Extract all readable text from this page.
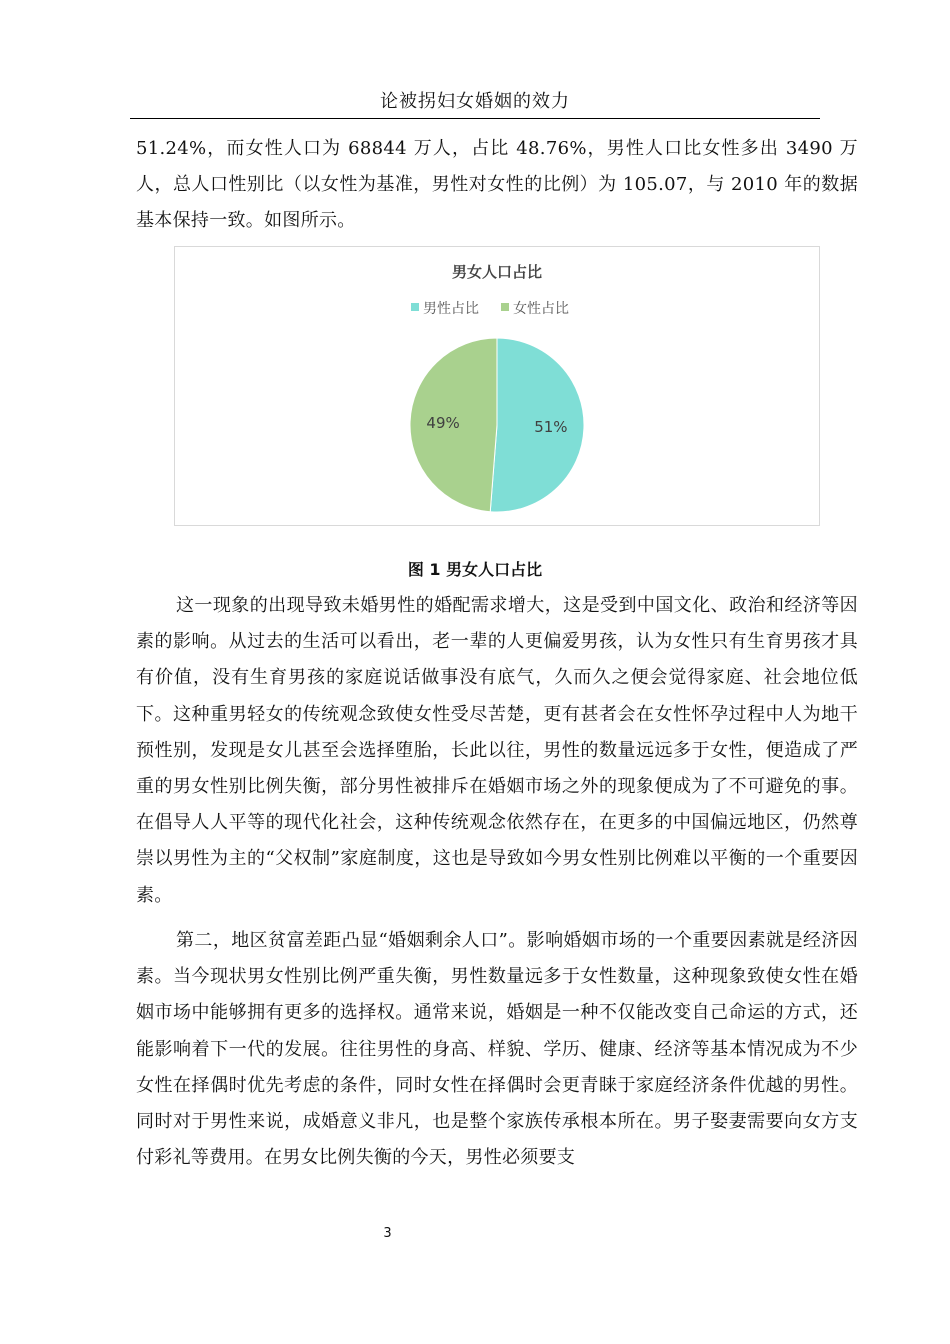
论被拐妇女婚姻的效力

51.24%，而女性人口为 68844 万人，占比 48.76%，男性人口比女性多出 3490 万人，总人口性别比（以女性为基准，男性对女性的比例）为 105.07，与 2010 年的数据基本保持一致。如图所示。

男女人口占比
男性占比 女性占比
51%
49%
图 1 男女人口占比

这一现象的出现导致未婚男性的婚配需求增大，这是受到中国文化、政治和经济等因素的影响。从过去的生活可以看出，老一辈的人更偏爱男孩，认为女性只有生育男孩才具有价值，没有生育男孩的家庭说话做事没有底气，久而久之便会觉得家庭、社会地位低下。这种重男轻女的传统观念致使女性受尽苦楚，更有甚者会在女性怀孕过程中人为地干预性别，发现是女儿甚至会选择堕胎，长此以往，男性的数量远远多于女性，便造成了严重的男女性别比例失衡，部分男性被排斥在婚姻市场之外的现象便成为了不可避免的事。在倡导人人平等的现代化社会，这种传统观念依然存在，在更多的中国偏远地区，仍然尊崇以男性为主的“父权制”家庭制度，这也是导致如今男女性别比例难以平衡的一个重要因素。

第二，地区贫富差距凸显“婚姻剩余人口”。影响婚姻市场的一个重要因素就是经济因素。当今现状男女性别比例严重失衡，男性数量远多于女性数量，这种现象致使女性在婚姻市场中能够拥有更多的选择权。通常来说，婚姻是一种不仅能改变自己命运的方式，还能影响着下一代的发展。往往男性的身高、样貌、学历、健康、经济等基本情况成为不少女性在择偶时优先考虑的条件，同时女性在择偶时会更青睐于家庭经济条件优越的男性。同时对于男性来说，成婚意义非凡，也是整个家族传承根本所在。男子娶妻需要向女方支付彩礼等费用。在男女比例失衡的今天，男性必须要支

3
